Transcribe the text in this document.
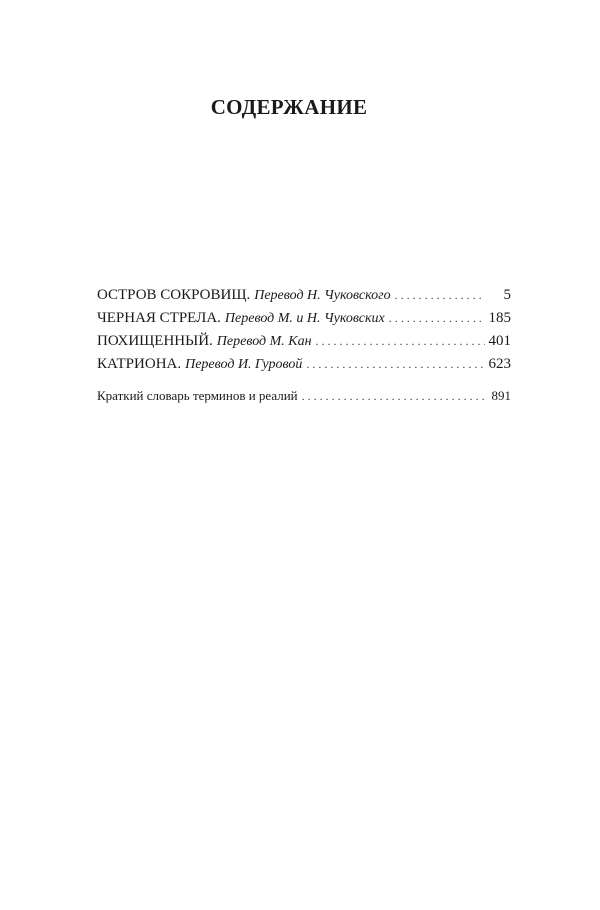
СОДЕРЖАНИЕ
ОСТРОВ СОКРОВИЩ. Перевод Н. Чуковского . . .	5
ЧЕРНАЯ СТРЕЛА. Перевод М. и Н. Чуковских . . .	185
ПОХИЩЕННЫЙ. Перевод М. Кан . . .	401
КАТРИОНА. Перевод И. Гуровой . . .	623
Краткий словарь терминов и реалий . . .	891
